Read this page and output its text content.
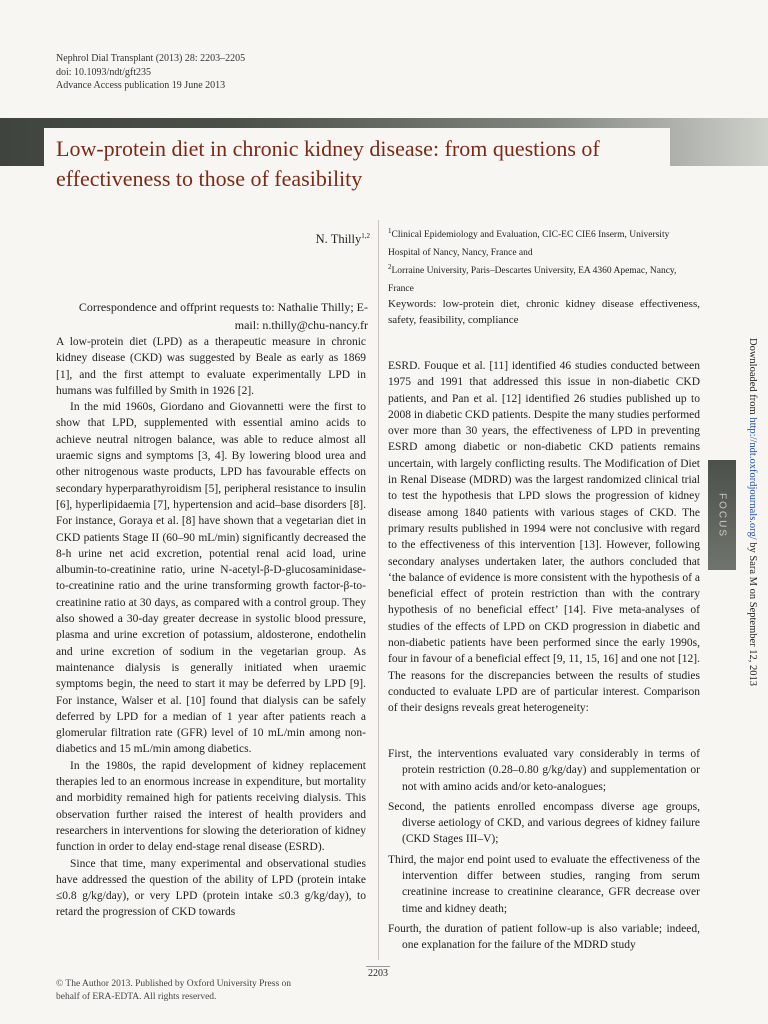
Nephrol Dial Transplant (2013) 28: 2203–2205
doi: 10.1093/ndt/gft235
Advance Access publication 19 June 2013
Low-protein diet in chronic kidney disease: from questions of effectiveness to those of feasibility
N. Thilly$^{1,2}$
$^1$Clinical Epidemiology and Evaluation, CIC-EC CIE6 Inserm, University Hospital of Nancy, Nancy, France and
$^2$Lorraine University, Paris–Descartes University, EA 4360 Apemac, Nancy, France
Keywords: low-protein diet, chronic kidney disease effectiveness, safety, feasibility, compliance
Correspondence and offprint requests to: Nathalie Thilly; E-mail: n.thilly@chu-nancy.fr

A low-protein diet (LPD) as a therapeutic measure in chronic kidney disease (CKD) was suggested by Beale as early as 1869 [1], and the first attempt to evaluate experimentally LPD in humans was fulfilled by Smith in 1926 [2].

In the mid 1960s, Giordano and Giovannetti were the first to show that LPD, supplemented with essential amino acids to achieve neutral nitrogen balance, was able to reduce almost all uraemic signs and symptoms [3, 4]. By lowering blood urea and other nitrogenous waste products, LPD has favourable effects on secondary hyperparathyroidism [5], peripheral resistance to insulin [6], hyperlipidaemia [7], hypertension and acid–base disorders [8]. For instance, Goraya et al. [8] have shown that a vegetarian diet in CKD patients Stage II (60–90 mL/min) significantly decreased the 8-h urine net acid excretion, potential renal acid load, urine albumin-to-creatinine ratio, urine N-acetyl-β-D-glucosaminidase-to-creatinine ratio and the urine transforming growth factor-β-to-creatinine ratio at 30 days, as compared with a control group. They also showed a 30-day greater decrease in systolic blood pressure, plasma and urine excretion of potassium, aldosterone, endothelin and urine excretion of sodium in the vegetarian group. As maintenance dialysis is generally initiated when uraemic symptoms begin, the need to start it may be deferred by LPD [9]. For instance, Walser et al. [10] found that dialysis can be safely deferred by LPD for a median of 1 year after patients reach a glomerular filtration rate (GFR) level of 10 mL/min among non-diabetics and 15 mL/min among diabetics.

In the 1980s, the rapid development of kidney replacement therapies led to an enormous increase in expenditure, but mortality and morbidity remained high for patients receiving dialysis. This observation further raised the interest of health providers and researchers in interventions for slowing the deterioration of kidney function in order to delay end-stage renal disease (ESRD).

Since that time, many experimental and observational studies have addressed the question of the ability of LPD (protein intake ≤0.8 g/kg/day), or very LPD (protein intake ≤0.3 g/kg/day), to retard the progression of CKD towards

ESRD. Fouque et al. [11] identified 46 studies conducted between 1975 and 1991 that addressed this issue in non-diabetic CKD patients, and Pan et al. [12] identified 26 studies published up to 2008 in diabetic CKD patients. Despite the many studies performed over more than 30 years, the effectiveness of LPD in preventing ESRD among diabetic or non-diabetic CKD patients remains uncertain, with largely conflicting results. The Modification of Diet in Renal Disease (MDRD) was the largest randomized clinical trial to test the hypothesis that LPD slows the progression of kidney disease among 1840 patients with various stages of CKD. The primary results published in 1994 were not conclusive with regard to the effectiveness of this intervention [13]. However, following secondary analyses undertaken later, the authors concluded that ‘the balance of evidence is more consistent with the hypothesis of a beneficial effect of protein restriction than with the contrary hypothesis of no beneficial effect’ [14]. Five meta-analyses of studies of the effects of LPD on CKD progression in diabetic and non-diabetic patients have been performed since the early 1990s, four in favour of a beneficial effect [9, 11, 15, 16] and one not [12]. The reasons for the discrepancies between the results of studies conducted to evaluate LPD are of particular interest. Comparison of their designs reveals great heterogeneity:

First, the interventions evaluated vary considerably in terms of protein restriction (0.28–0.80 g/kg/day) and supplementation or not with amino acids and/or keto-analogues;

Second, the patients enrolled encompass diverse age groups, diverse aetiology of CKD, and various degrees of kidney failure (CKD Stages III–V);

Third, the major end point used to evaluate the effectiveness of the intervention differ between studies, ranging from serum creatinine increase to creatinine clearance, GFR decrease over time and kidney death;

Fourth, the duration of patient follow-up is also variable; indeed, one explanation for the failure of the MDRD study

2203
© The Author 2013. Published by Oxford University Press on behalf of ERA-EDTA. All rights reserved.
FOCUS
Downloaded from http://ndt.oxfordjournals.org/ by Sara M on September 12, 2013
